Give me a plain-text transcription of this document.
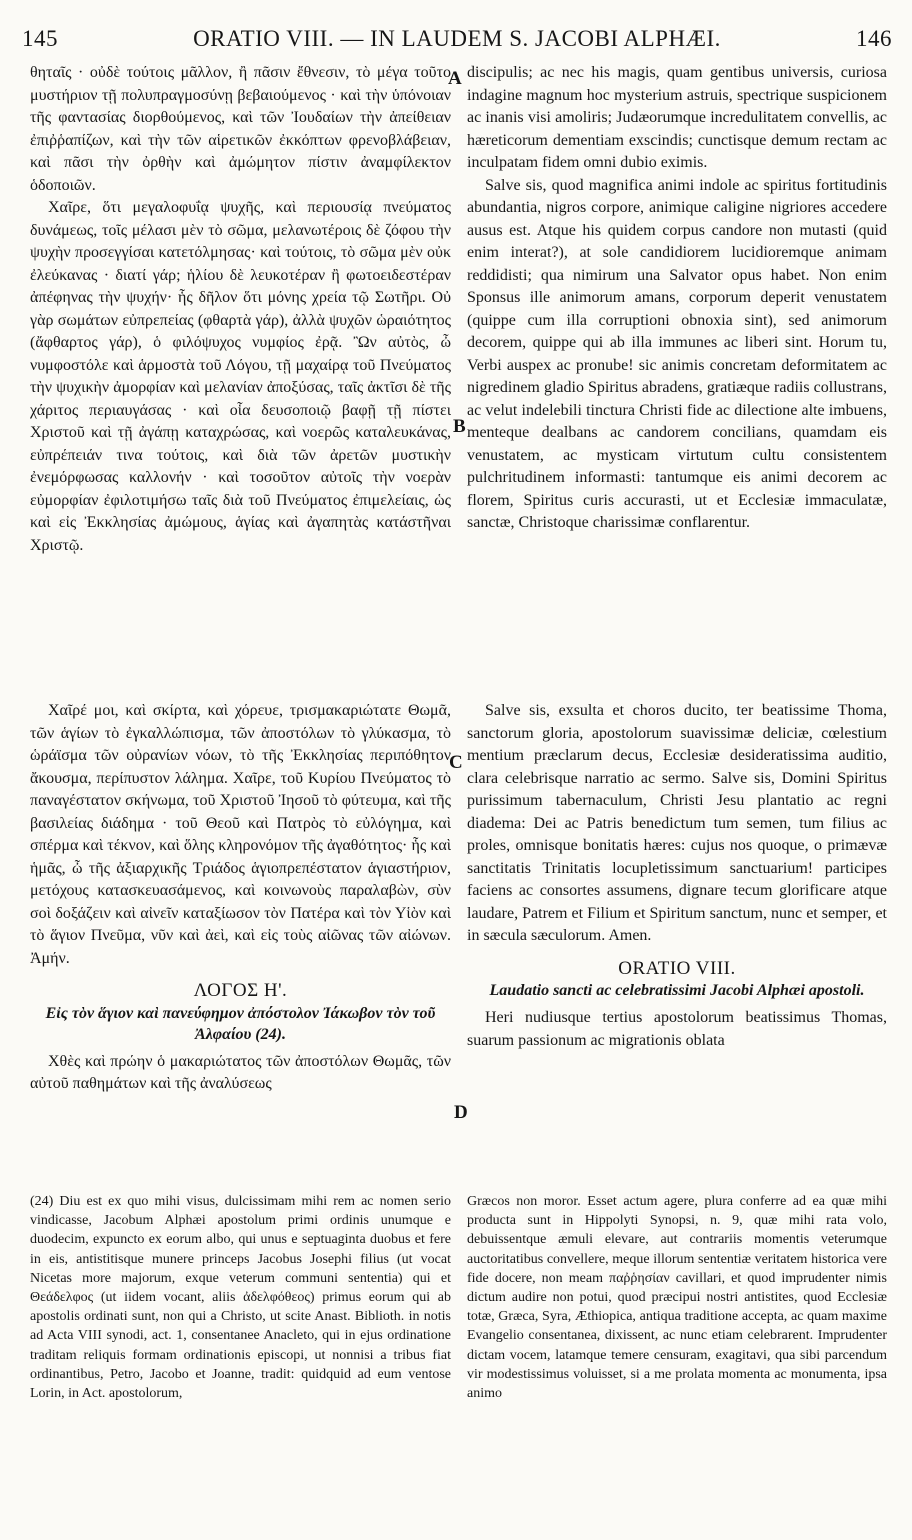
145	ORATIO VIII. — IN LAUDEM S. JACOBI ALPHÆI.	146

θηταῖς · οὐδὲ τούτοις μᾶλλον, ἢ πᾶσιν ἔθνεσιν, τὸ μέγα τοῦτο μυστήριον τῇ πολυπραγμοσύνῃ βεβαιούμενος · καὶ τὴν ὑπόνοιαν τῆς φαντασίας διορθούμενος, καὶ τῶν Ἰουδαίων τὴν ἀπείθειαν ἐπιῤῥαπίζων, καὶ τὴν τῶν αἱρετικῶν ἐκκόπτων φρενοβλάβειαν, καὶ πᾶσι τὴν ὀρθὴν καὶ ἀμώμητον πίστιν ἀναμφίλεκτον ὁδοποιῶν.

Χαῖρε, ὅτι μεγαλοφυΐᾳ ψυχῆς, καὶ περιουσίᾳ πνεύματος δυνάμεως, τοῖς μέλασι μὲν τὸ σῶμα, μελανωτέροις δὲ ζόφου τὴν ψυχὴν προσεγγίσαι κατετόλμησας· καὶ τούτοις, τὸ σῶμα μὲν οὐκ ἐλεύκανας · διατί γάρ; ἡλίου δὲ λευκοτέραν ἢ φωτοειδεστέραν ἀπέφηνας τὴν ψυχήν· ἧς δῆλον ὅτι μόνης χρεία τῷ Σωτῆρι. Οὐ γὰρ σωμάτων εὐπρεπείας (φθαρτὰ γάρ), ἀλλὰ ψυχῶν ὡραιότητος (ἄφθαρτος γάρ), ὁ φιλόψυχος νυμφίος ἐρᾷ. Ὢν αὐτὸς, ὦ νυμφοστόλε καὶ ἁρμοστὰ τοῦ Λόγου, τῇ μαχαίρᾳ τοῦ Πνεύματος τὴν ψυχικὴν ἀμορφίαν καὶ μελανίαν ἀποξύσας, ταῖς ἀκτῖσι δὲ τῆς χάριτος περιαυγάσας · καὶ οἷα δευσοποιῷ βαφῇ τῇ πίστει Χριστοῦ καὶ τῇ ἀγάπῃ καταχρώσας, καὶ νοερῶς καταλευκάνας, εὐπρέπειάν τινα τούτοις, καὶ διὰ τῶν ἀρετῶν μυστικὴν ἐνεμόρφωσας καλλονήν · καὶ τοσοῦτον αὐτοῖς τὴν νοερὰν εὐμορφίαν ἐφιλοτιμήσω ταῖς διὰ τοῦ Πνεύματος ἐπιμελείαις, ὡς καὶ εἰς Ἐκκλησίας ἀμώμους, ἁγίας καὶ ἀγαπητὰς κατάστῆναι Χριστῷ.

Χαῖρέ μοι, καὶ σκίρτα, καὶ χόρευε, τρισμακαριώτατε Θωμᾶ, τῶν ἁγίων τὸ ἐγκαλλώπισμα, τῶν ἀποστόλων τὸ γλύκασμα, τὸ ὡράϊσμα τῶν οὐρανίων νόων, τὸ τῆς Ἐκκλησίας περιπόθητον ἄκουσμα, περίπυστον λάλημα. Χαῖρε, τοῦ Κυρίου Πνεύματος τὸ παναγέστατον σκήνωμα, τοῦ Χριστοῦ Ἰησοῦ τὸ φύτευμα, καὶ τῆς βασιλείας διάδημα · τοῦ Θεοῦ καὶ Πατρὸς τὸ εὐλόγημα, καὶ σπέρμα καὶ τέκνον, καὶ ὅλης κληρονόμον τῆς ἀγαθότητος· ἧς καὶ ἡμᾶς, ὦ τῆς ἀξιαρχικῆς Τριάδος ἁγιοπρεπέστατον ἁγιαστήριον, μετόχους κατασκευασάμενος, καὶ κοινωνοὺς παραλαβὼν, σὺν σοὶ δοξάζειν καὶ αἰνεῖν καταξίωσον τὸν Πατέρα καὶ τὸν Υἱὸν καὶ τὸ ἅγιον Πνεῦμα, νῦν καὶ ἀεὶ, καὶ εἰς τοὺς αἰῶνας τῶν αἰώνων. Ἀμήν.

ΛΟΓΟΣ Η'.
Εἰς τὸν ἅγιον καὶ πανεύφημον ἀπόστολον Ἰάκωβον τὸν τοῦ Ἀλφαίου (24).

Χθὲς καὶ πρώην ὁ μακαριώτατος τῶν ἀποστόλων Θωμᾶς, τῶν αὐτοῦ παθημάτων καὶ τῆς ἀναλύσεως

discipulis; ac nec his magis, quam gentibus universis, curiosa indagine magnum hoc mysterium astruis, spectrique suspicionem ac inanis visi amoliris; Judæorumque incredulitatem convellis, ac hæreticorum dementiam exscindis; cunctisque demum rectam ac inculpatam fidem omni dubio eximis.

Salve sis, quod magnifica animi indole ac spiritus fortitudinis abundantia, nigros corpore, animique caligine nigriores accedere ausus est. Atque his quidem corpus candore non mutasti (quid enim interat?), at sole candidiorem lucidioremque animam reddidisti; qua nimirum una Salvator opus habet. Non enim Sponsus ille animorum amans, corporum deperit venustatem (quippe cum illa corruptioni obnoxia sint), sed animorum decorem, quippe qui ab illa immunes ac liberi sint. Horum tu, Verbi auspex ac pronube! sic animis concretam deformitatem ac nigredinem gladio Spiritus abradens, gratiæque radiis collustrans, ac velut indelebili tinctura Christi fide ac dilectione alte imbuens, menteque dealbans ac candorem concilians, quamdam eis venustatem, ac mysticam virtutum cultu consistentem pulchritudinem informasti: tantumque eis animi decorem ac florem, Spiritus curis accurasti, ut et Ecclesiæ immaculatæ, sanctæ, Christoque charissimæ conflarentur.

Salve sis, exsulta et choros ducito, ter beatissime Thoma, sanctorum gloria, apostolorum suavissimæ deliciæ, cœlestium mentium præclarum decus, Ecclesiæ desideratissima auditio, clara celebrisque narratio ac sermo. Salve sis, Domini Spiritus purissimum tabernaculum, Christi Jesu plantatio ac regni diadema: Dei ac Patris benedictum tum semen, tum filius ac proles, omnisque bonitatis hæres: cujus nos quoque, o primævæ sanctitatis Trinitatis locupletissimum sanctuarium! participes faciens ac consortes assumens, dignare tecum glorificare atque laudare, Patrem et Filium et Spiritum sanctum, nunc et semper, et in sæcula sæculorum. Amen.

ORATIO VIII.
Laudatio sancti ac celebratissimi Jacobi Alphæi apostoli.

Heri nudiusque tertius apostolorum beatissimus Thomas, suarum passionum ac migrationis oblata

A
B
C
D

(24) Diu est ex quo mihi visus, dulcissimam mihi rem ac nomen serio vindicasse, Jacobum Alphæi apostolum primi ordinis unumque e duodecim, expuncto ex eorum albo, qui unus e septuaginta duobus et fere in eis, antistitisque munere princeps Jacobus Josephi filius (ut vocat Nicetas more majorum, exque veterum communi sententia) qui et Θεάδελφος (ut iidem vocant, aliis ἀδελφόθεος) primus eorum qui ab apostolis ordinati sunt, non qui a Christo, ut scite Anast. Biblioth. in notis ad Acta VIII synodi, act. 1, consentanee Anacleto, qui in ejus ordinatione traditam reliquis formam ordinationis episcopi, ut nonnisi a tribus fiat ordinantibus, Petro, Jacobo et Joanne, tradit: quidquid ad eum ventose Lorin, in Act. apostolorum,

Græcos non moror. Esset actum agere, plura conferre ad ea quæ mihi producta sunt in Hippolyti Synopsi, n. 9, quæ mihi rata volo, debuissentque æmuli elevare, aut contrariis momentis veterumque auctoritatibus convellere, meque illorum sententiæ veritatem historica vere fide docere, non meam παῤῥησίαν cavillari, et quod imprudenter nimis dictum audire non potui, quod præcipui nostri antistites, quod Ecclesiæ totæ, Græca, Syra, Æthiopica, antiqua traditione accepta, ac quam maxime Evangelio consentanea, dixissent, ac nunc etiam celebrarent. Imprudenter dictam vocem, latamque temere censuram, exagitavi, qua sibi parcendum vir modestissimus voluisset, si a me prolata momenta ac monumenta, ipsa animo
